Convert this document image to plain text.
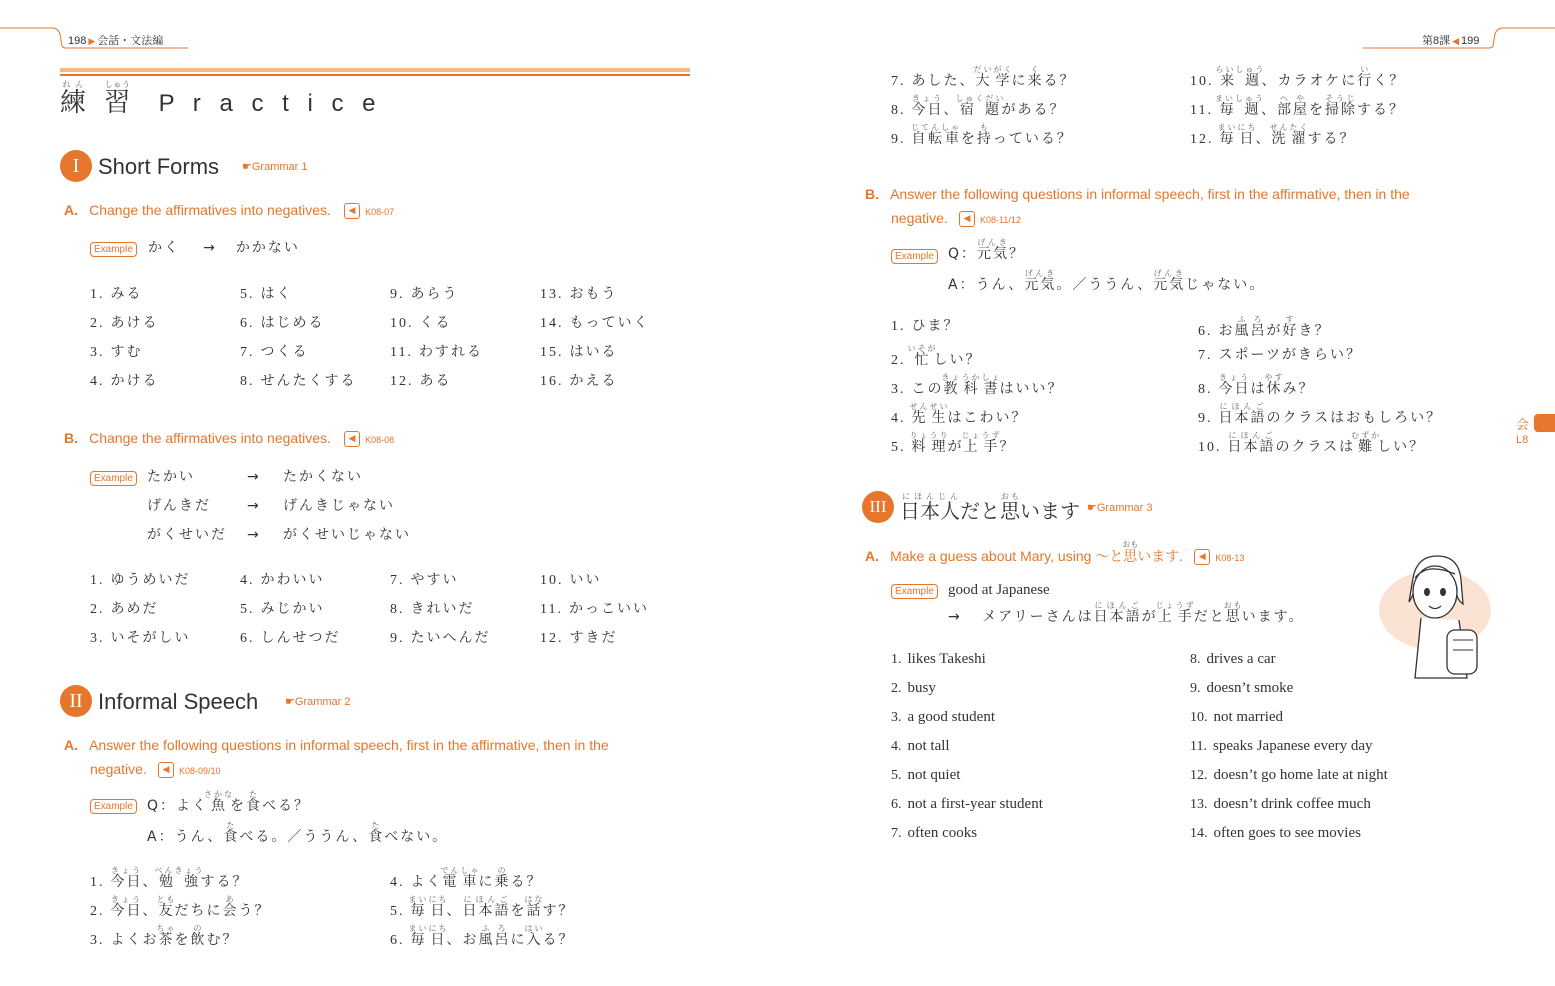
198 ▶ 会話・文法編	第8課 ◀ 199
練れん 習しゅう P r a c t i c e
I Short Forms ☛Grammar 1
A. Change the affirmatives into negatives. ◀ K08-07
Example かく → かかない
1. みる	5. はく	9. あらう	13. おもう
2. あける	6. はじめる	10. くる	14. もっていく
3. すむ	7. つくる	11. わすれる	15. はいる
4. かける	8. せんたくする 12. ある	16. かえる
B. Change the affirmatives into negatives. ◀ K08-08
Example たかい	→ たかくない
げんきだ	→ げんきじゃない
がくせいだ → がくせいじゃない
1. ゆうめいだ	4. かわいい	7. やすい	10. いい
2. あめだ	5. みじかい	8. きれいだ	11. かっこいい
3. いそがしい	6. しんせつだ	9. たいへんだ	12. すきだ
II Informal Speech ☛Grammar 2
A. Answer the following questions in informal speech, first in the affirmative, then in the
negative. ◀ K08-09/10
Example Q：よく魚さかなを食たべる？
A：うん、食たべる。／ううん、食たべない。
1. 今日きょう、勉強べんきょうする？
2. 今日きょう、友ともだちに会あう？
3. よくお茶ちゃを飲のむ？
4. よく電車でんしゃに乗のる？
5. 毎日まいにち、日本語にほんごを話はなす？
6. 毎日まいにち、お風呂ふろに入はいる？
7. あした、大学だいがくに来くる？
8. 今日きょう、宿題しゅくだいがある？
9. 自転車じてんしゃを持もっている？
10. 来週らいしゅう、カラオケに行いく？
11. 毎週まいしゅう、部屋へやを掃除そうじする？
12. 毎日まいにち、洗濯せんたくする？
B. Answer the following questions in informal speech, first in the affirmative, then in the
negative. ◀ K08-11/12
Example Q：元気げんき？
A：うん、元気げんき。／ううん、元気げんきじゃない。
1. ひま？
2. 忙いそがしい？
3. この教科書きょうかしょはいい？
4. 先生せんせいはこわい？
5. 料理りょうりが上手じょうず？
6. お風呂ふろが好すき？
7. スポーツがきらい？
8. 今日きょうは休やすみ？
9. 日本語にほんごのクラスはおもしろい？
10. 日本語にほんごのクラスは難むずかしい？
会
L8
III 日本人にほんじんだと思おもいます ☛Grammar 3
A. Make a guess about Mary, using 〜と思おもいます. ◀ K08-13
Example good at Japanese
→ メアリーさんは日本語にほんごが上手じょうずだと思おもいます。
1. likes Takeshi
2. busy
3. a good student
4. not tall
5. not quiet
6. not a first-year student
7. often cooks
8. drives a car
9. doesn’t smoke
10. not married
11. speaks Japanese every day
12. doesn’t go home late at night
13. doesn’t drink coffee much
14. often goes to see movies
